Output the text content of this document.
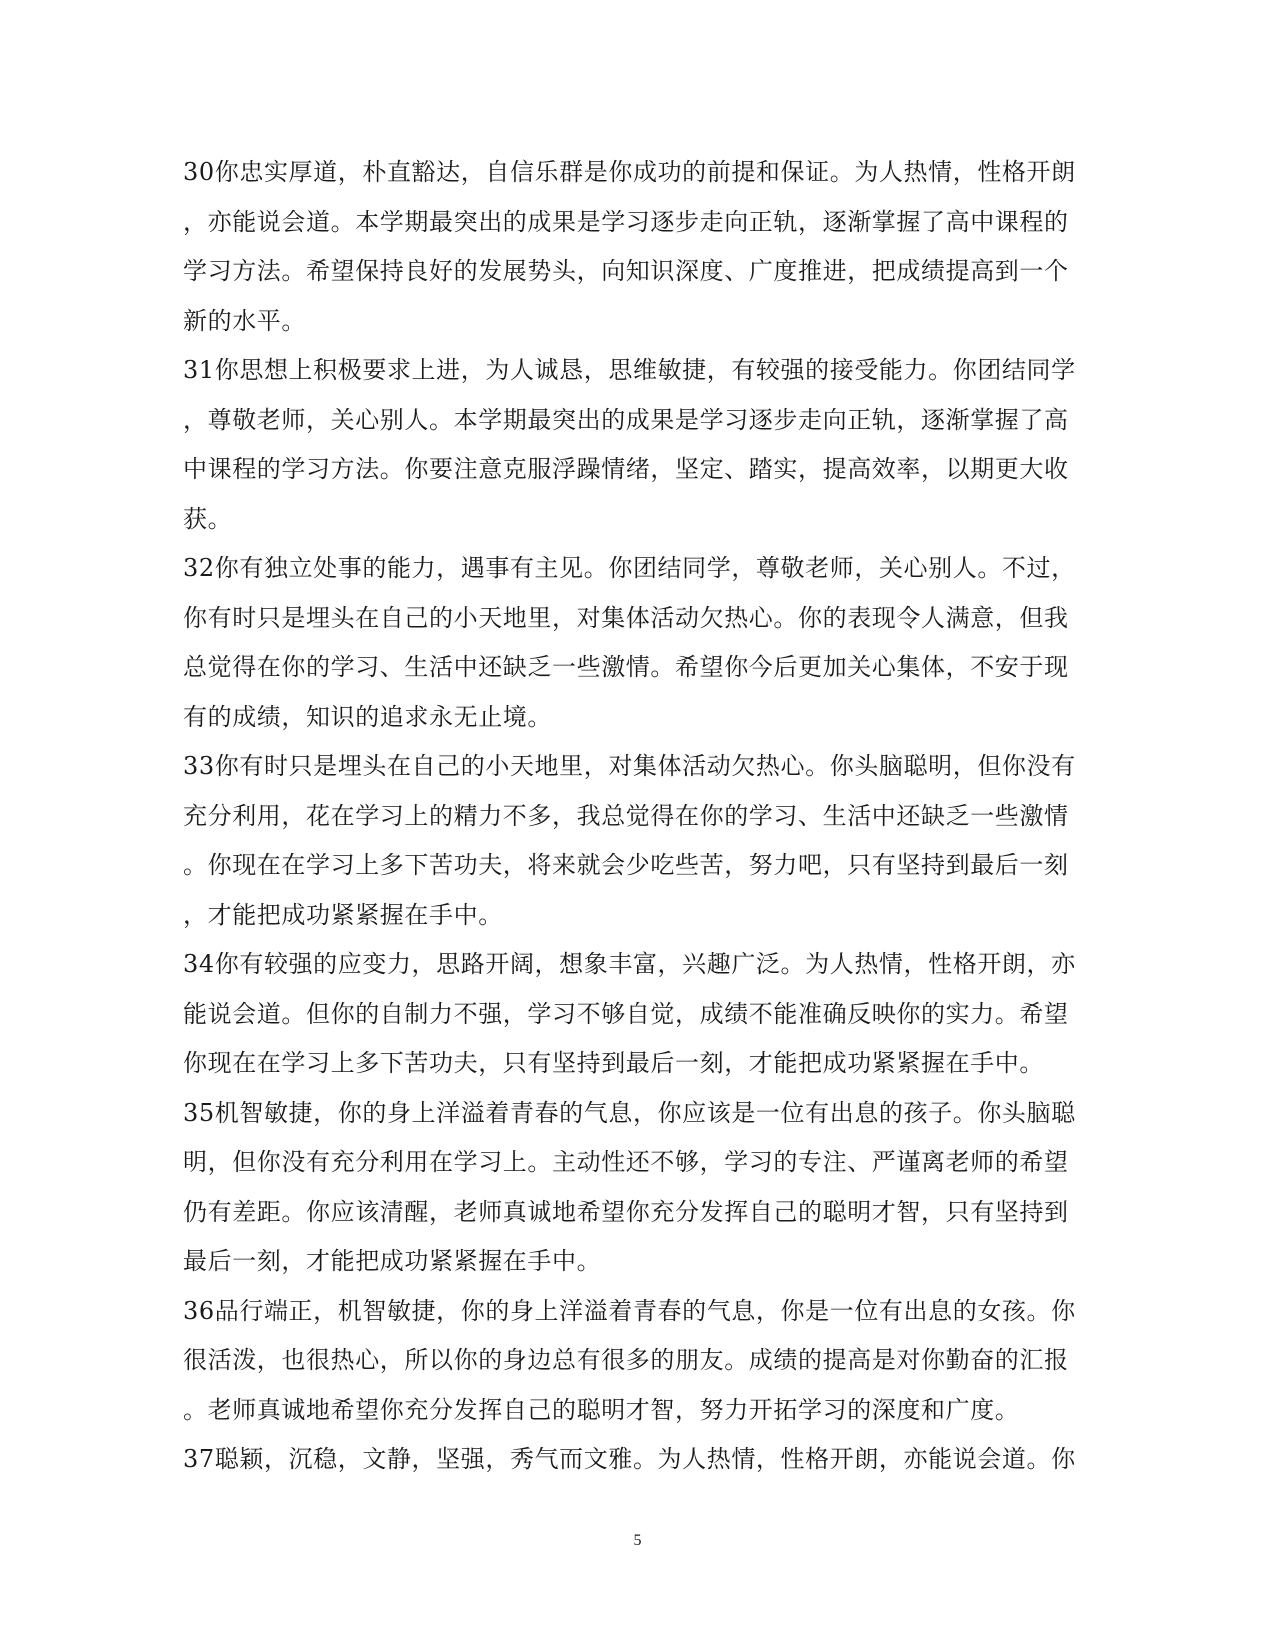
30你忠实厚道，朴直豁达，自信乐群是你成功的前提和保证。为人热情，性格开朗
，亦能说会道。本学期最突出的成果是学习逐步走向正轨，逐渐掌握了高中课程的
学习方法。希望保持良好的发展势头，向知识深度、广度推进，把成绩提高到一个
新的水平。
31你思想上积极要求上进，为人诚恳，思维敏捷，有较强的接受能力。你团结同学
，尊敬老师，关心别人。本学期最突出的成果是学习逐步走向正轨，逐渐掌握了高
中课程的学习方法。你要注意克服浮躁情绪，坚定、踏实，提高效率，以期更大收
获。
32你有独立处事的能力，遇事有主见。你团结同学，尊敬老师，关心别人。不过，
你有时只是埋头在自己的小天地里，对集体活动欠热心。你的表现令人满意，但我
总觉得在你的学习、生活中还缺乏一些激情。希望你今后更加关心集体，不安于现
有的成绩，知识的追求永无止境。
33你有时只是埋头在自己的小天地里，对集体活动欠热心。你头脑聪明，但你没有
充分利用，花在学习上的精力不多，我总觉得在你的学习、生活中还缺乏一些激情
。你现在在学习上多下苦功夫，将来就会少吃些苦，努力吧，只有坚持到最后一刻
，才能把成功紧紧握在手中。
34你有较强的应变力，思路开阔，想象丰富，兴趣广泛。为人热情，性格开朗，亦
能说会道。但你的自制力不强，学习不够自觉，成绩不能准确反映你的实力。希望
你现在在学习上多下苦功夫，只有坚持到最后一刻，才能把成功紧紧握在手中。
35机智敏捷，你的身上洋溢着青春的气息，你应该是一位有出息的孩子。你头脑聪
明，但你没有充分利用在学习上。主动性还不够，学习的专注、严谨离老师的希望
仍有差距。你应该清醒，老师真诚地希望你充分发挥自己的聪明才智，只有坚持到
最后一刻，才能把成功紧紧握在手中。
36品行端正，机智敏捷，你的身上洋溢着青春的气息，你是一位有出息的女孩。你
很活泼，也很热心，所以你的身边总有很多的朋友。成绩的提高是对你勤奋的汇报
。老师真诚地希望你充分发挥自己的聪明才智，努力开拓学习的深度和广度。
37聪颖，沉稳，文静，坚强，秀气而文雅。为人热情，性格开朗，亦能说会道。你
5
